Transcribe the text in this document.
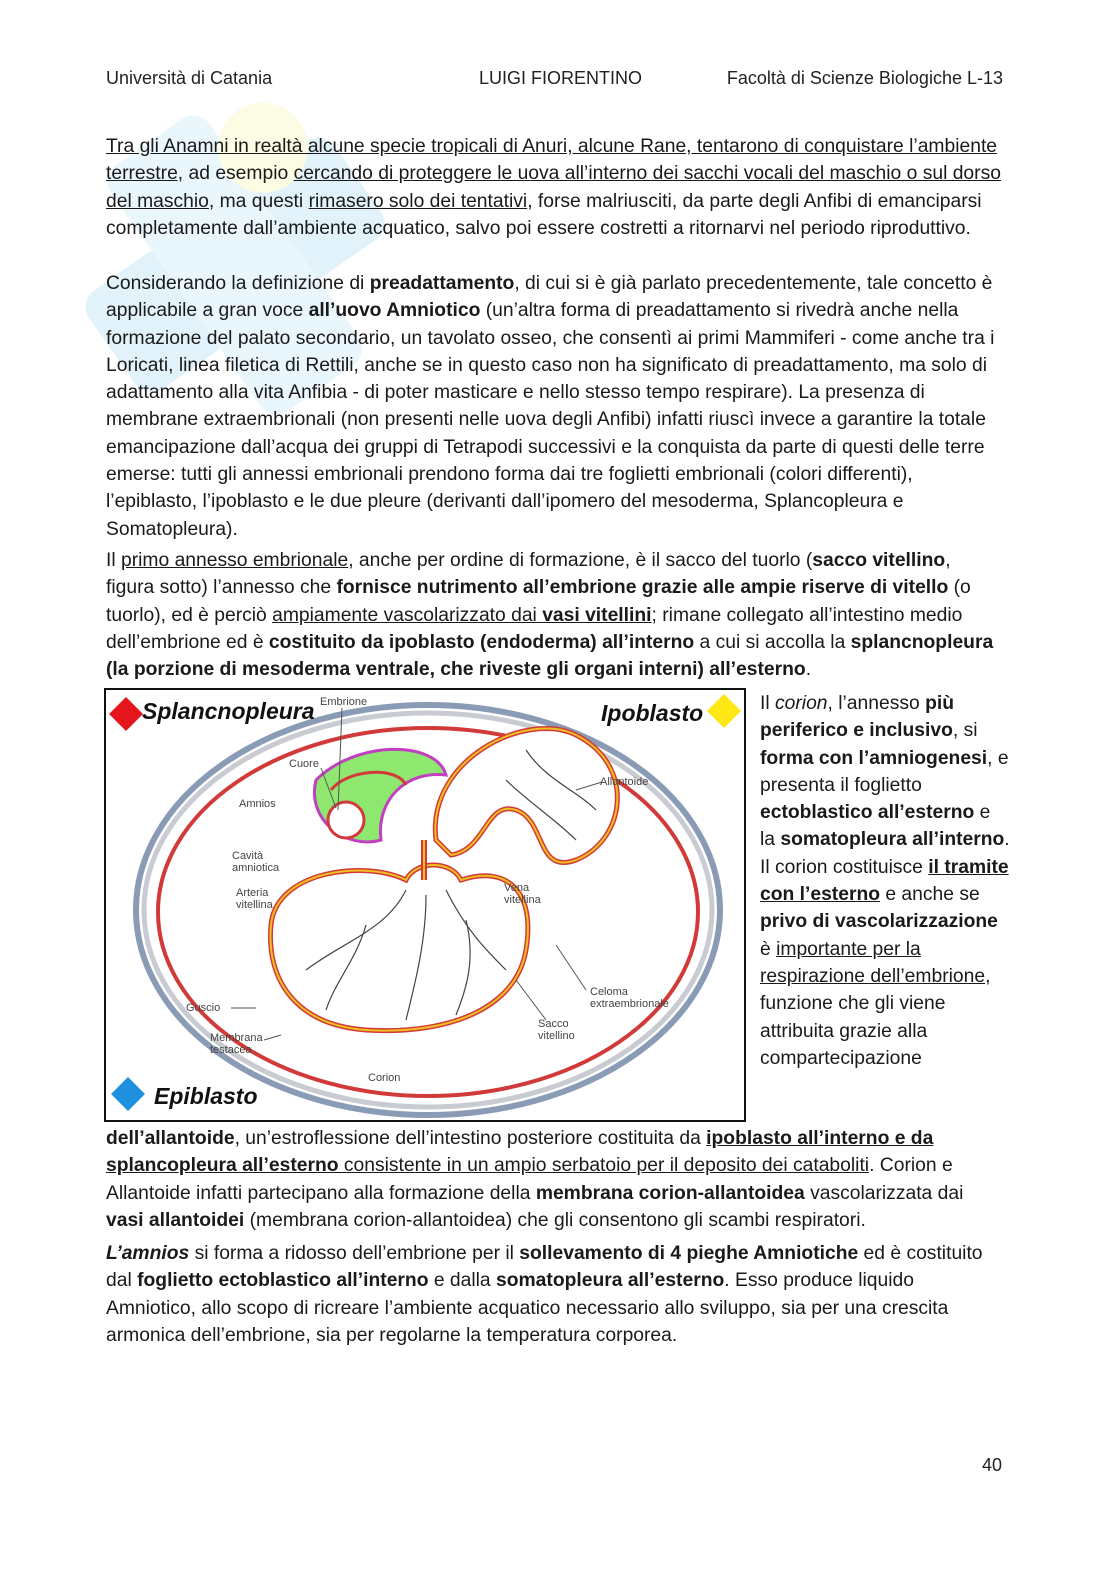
Università di Catania	LUIGI FIORENTINO	Facoltà di Scienze Biologiche L-13

Tra gli Anamni in realtà alcune specie tropicali di Anuri, alcune Rane, tentarono di conquistare l’ambiente terrestre, ad esempio cercando di proteggere le uova all’interno dei sacchi vocali del maschio o sul dorso del maschio, ma questi rimasero solo dei tentativi, forse malriusciti, da parte degli Anfibi di emanciparsi completamente dall’ambiente acquatico, salvo poi essere costretti a ritornarvi nel periodo riproduttivo.

Considerando la definizione di preadattamento, di cui si è già parlato precedentemente, tale concetto è applicabile a gran voce all’uovo Amniotico (un’altra forma di preadattamento si rivedrà anche nella formazione del palato secondario, un tavolato osseo, che consentì ai primi Mammiferi - come anche tra i Loricati, linea filetica di Rettili, anche se in questo caso non ha significato di preadattamento, ma solo di adattamento alla vita Anfibia - di poter masticare e nello stesso tempo respirare). La presenza di membrane extraembrionali (non presenti nelle uova degli Anfibi) infatti riuscì invece a garantire la totale emancipazione dall’acqua dei gruppi di Tetrapodi successivi e la conquista da parte di questi delle terre emerse: tutti gli annessi embrionali prendono forma dai tre foglietti embrionali (colori differenti), l’epiblasto, l’ipoblasto e le due pleure (derivanti dall’ipomero del mesoderma, Splancopleura e Somatopleura).

Il primo annesso embrionale, anche per ordine di formazione, è il sacco del tuorlo (sacco vitellino, figura sotto) l’annesso che fornisce nutrimento all’embrione grazie alle ampie riserve di vitello (o tuorlo), ed è perciò ampiamente vascolarizzato dai vasi vitellini; rimane collegato all’intestino medio dell’embrione ed è costituito da ipoblasto (endoderma) all’interno a cui si accolla la splancnopleura (la porzione di mesoderma ventrale, che riveste gli organi interni) all’esterno.

Splancnopleura	Ipoblasto
Epiblasto
Embrione
Cuore
Amnios
Cavità amniotica
Arteria vitellina
Vena vitellina
Allantoide
Celoma extraembrionale
Guscio
Membrana testacea
Sacco vitellino
Corion
Il corion, l’annesso più periferico e inclusivo, si forma con l’amniogenesi, e presenta il foglietto ectoblastico all’esterno e la somatopleura all’interno. Il corion costituisce il tramite con l’esterno e anche se privo di vascolarizzazione è importante per la respirazione dell’embrione, funzione che gli viene attribuita grazie alla compartecipazione

dell’allantoide, un’estroflessione dell’intestino posteriore costituita da ipoblasto all’interno e da splancopleura all’esterno consistente in un ampio serbatoio per il deposito dei cataboliti. Corion e Allantoide infatti partecipano alla formazione della membrana corion-allantoidea vascolarizzata dai vasi allantoidei (membrana corion-allantoidea) che gli consentono gli scambi respiratori.

L’amnios si forma a ridosso dell’embrione per il sollevamento di 4 pieghe Amniotiche ed è costituito dal foglietto ectoblastico all’interno e dalla somatopleura all’esterno. Esso produce liquido Amniotico, allo scopo di ricreare l’ambiente acquatico necessario allo sviluppo, sia per una crescita armonica dell’embrione, sia per regolarne la temperatura corporea.

40
